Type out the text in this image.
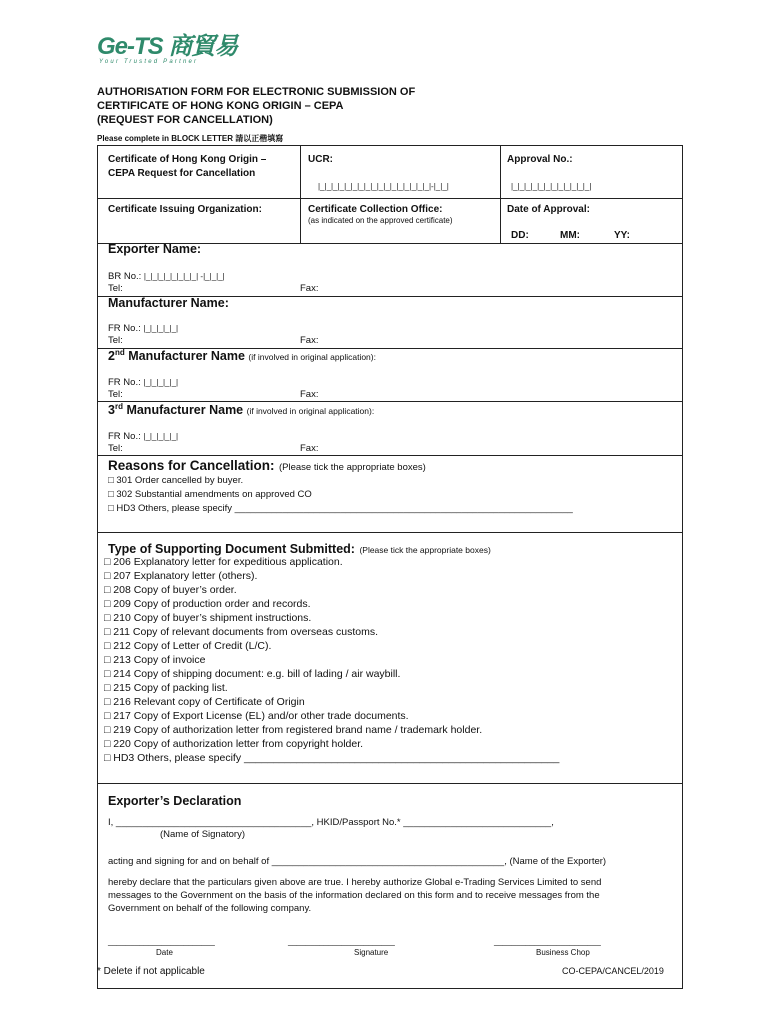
Ge-TS 商貿易
Your Trusted Partner
AUTHORISATION FORM FOR ELECTRONIC SUBMISSION OF
CERTIFICATE OF HONG KONG ORIGIN – CEPA
(REQUEST FOR CANCELLATION)
Please complete in BLOCK LETTER 請以正楷填寫
Certificate of Hong Kong Origin –
CEPA Request for Cancellation
UCR:
|_|_|_|_|_|_|_|_|_|_|_|_|_|_|_|_|_|-|_|_|
Approval No.:
|_|_|_|_|_|_|_|_|_|_|_|_|
Certificate Issuing Organization:	Certificate Collection Office:
(as indicated on the approved certificate)
Date of Approval:
DD:	MM:	YY:
Exporter Name:
BR No.: |_|_|_|_|_|_|_|_| -|_|_|_|
Tel:	Fax:
Manufacturer Name:
FR No.: |_|_|_|_|_|
Tel:	Fax:
2nd Manufacturer Name (if involved in original application):
FR No.: |_|_|_|_|_|
Tel:	Fax:
3rd Manufacturer Name (if involved in original application):
FR No.: |_|_|_|_|_|
Tel:	Fax:
Reasons for Cancellation: (Please tick the appropriate boxes)
□ 301 Order cancelled by buyer.
□ 302 Substantial amendments on approved CO
□ HD3 Others, please specify ________________________________________________________________
Type of Supporting Document Submitted: (Please tick the appropriate boxes)
□ 206 Explanatory letter for expeditious application.
□ 207 Explanatory letter (others).
□ 208 Copy of buyer’s order.
□ 209 Copy of production order and records.
□ 210 Copy of buyer’s shipment instructions.
□ 211 Copy of relevant documents from overseas customs.
□ 212 Copy of Letter of Credit (L/C).
□ 213 Copy of invoice
□ 214 Copy of shipping document: e.g. bill of lading / air waybill.
□ 215 Copy of packing list.
□ 216 Relevant copy of Certificate of Origin
□ 217 Copy of Export License (EL) and/or other trade documents.
□ 219 Copy of authorization letter from registered brand name / trademark holder.
□ 220 Copy of authorization letter from copyright holder.
□ HD3 Others, please specify ______________________________________________________
Exporter’s Declaration
I, _____________________________________, HKID/Passport No.* ____________________________,
(Name of Signatory)
acting and signing for and on behalf of ____________________________________________, (Name of the Exporter)
hereby declare that the particulars given above are true. I hereby authorize Global e-Trading Services Limited to send
messages to the Government on the basis of the information declared on this form and to receive messages from the
Government on behalf of the following company.
________________________	________________________	________________________
Date	Signature	Business Chop
* Delete if not applicable	CO-CEPA/CANCEL/2019
